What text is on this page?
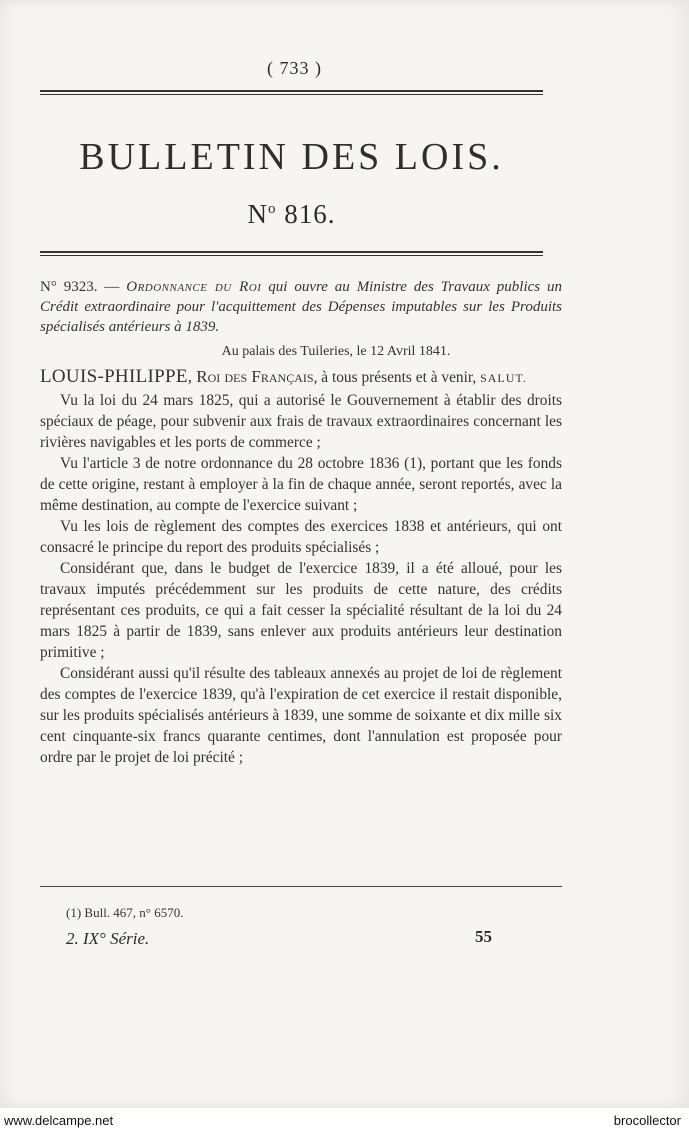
( 733 )
BULLETIN DES LOIS.
$N^o$ 816.

N° 9323. — Ordonnance du Roi qui ouvre au Ministre des Travaux publics un Crédit extraordinaire pour l'acquittement des Dépenses imputables sur les Produits spécialisés antérieurs à 1839.

Au palais des Tuileries, le 12 Avril 1841.

LOUIS-PHILIPPE, Roi des Français, à tous présents et à venir, SALUT.

Vu la loi du 24 mars 1825, qui a autorisé le Gouvernement à établir des droits spéciaux de péage, pour subvenir aux frais de travaux extraordinaires concernant les rivières navigables et les ports de commerce ;

Vu l'article 3 de notre ordonnance du 28 octobre 1836 (1), portant que les fonds de cette origine, restant à employer à la fin de chaque année, seront reportés, avec la même destination, au compte de l'exercice suivant ;

Vu les lois de règlement des comptes des exercices 1838 et antérieurs, qui ont consacré le principe du report des produits spécialisés ;

Considérant que, dans le budget de l'exercice 1839, il a été alloué, pour les travaux imputés précédemment sur les produits de cette nature, des crédits représentant ces produits, ce qui a fait cesser la spécialité résultant de la loi du 24 mars 1825 à partir de 1839, sans enlever aux produits antérieurs leur destination primitive ;

Considérant aussi qu'il résulte des tableaux annexés au projet de loi de règlement des comptes de l'exercice 1839, qu'à l'expiration de cet exercice il restait disponible, sur les produits spécialisés antérieurs à 1839, une somme de soixante et dix mille six cent cinquante-six francs quarante centimes, dont l'annulation est proposée pour ordre par le projet de loi précité ;

(1) Bull. 467, n° 6570.
2. IX° Série.	55
www.delcampe.net	brocollector
